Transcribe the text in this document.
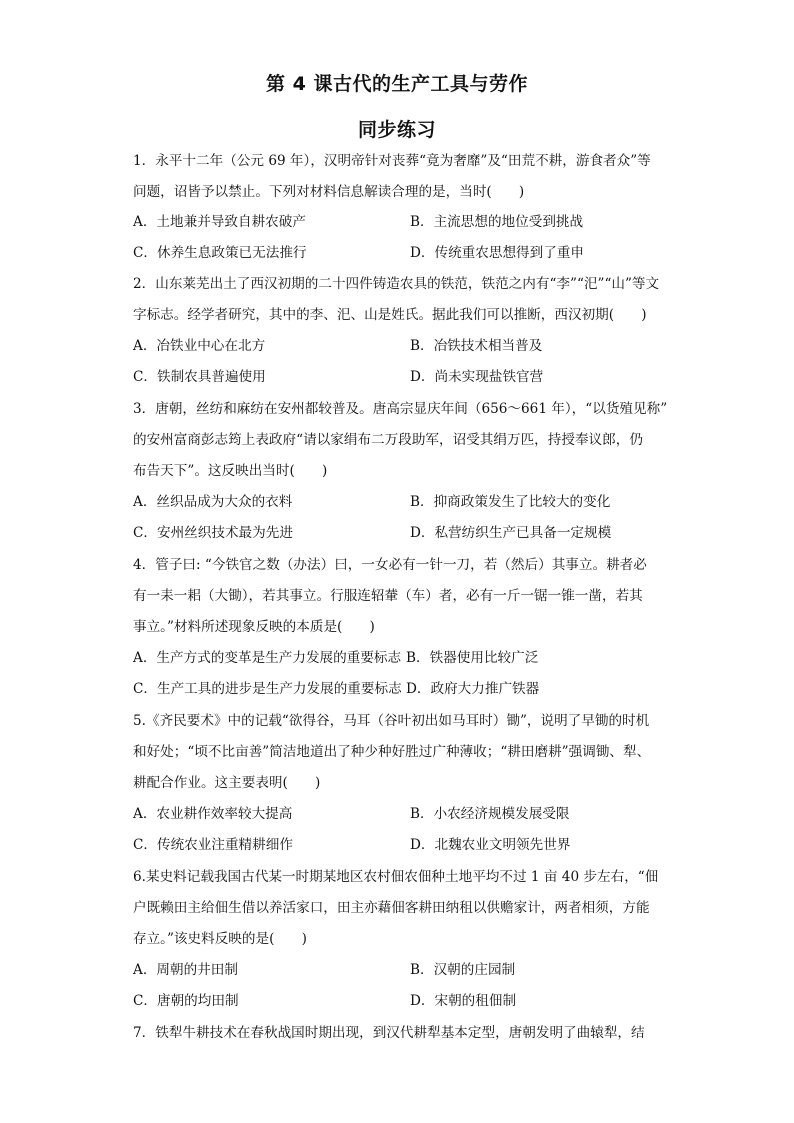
第 4 课古代的生产工具与劳作
同步练习
1．永平十二年（公元 69 年），汉明帝针对丧葬“竟为奢靡”及“田荒不耕，游食者众”等
问题，诏皆予以禁止。下列对材料信息解读合理的是，当时(　　)
A．土地兼并导致自耕农破产	B．主流思想的地位受到挑战
C．休养生息政策已无法推行	D．传统重农思想得到了重申
2．山东莱芜出土了西汉初期的二十四件铸造农具的铁范，铁范之内有“李”“汜”“山”等文
字标志。经学者研究，其中的李、汜、山是姓氏。据此我们可以推断，西汉初期(　　)
A．冶铁业中心在北方	B．冶铁技术相当普及
C．铁制农具普遍使用	D．尚未实现盐铁官营
3．唐朝，丝纺和麻纺在安州都较普及。唐高宗显庆年间（656～661 年），“以货殖见称”
的安州富商彭志筠上表政府“请以家绢布二万段助军，诏受其绢万匹，持授奉议郎，仍
布告天下”。这反映出当时(　　)
A．丝织品成为大众的衣料	B．抑商政策发生了比较大的变化
C．安州丝织技术最为先进	D．私营纺织生产已具备一定规模
4．管子曰: “今铁官之数（办法）曰，一女必有一针一刀，若（然后）其事立。耕者必
有一耒一耜（大锄），若其事立。行服连轺輂（车）者，必有一斤一锯一锥一凿，若其
事立。”材料所述现象反映的本质是(　　)
A．生产方式的变革是生产力发展的重要标志 B．铁器使用比较广泛
C．生产工具的进步是生产力发展的重要标志 D．政府大力推广铁器
5.《齐民要术》中的记载“欲得谷，马耳（谷叶初出如马耳时）锄”，说明了早锄的时机
和好处；“顷不比亩善”简洁地道出了种少种好胜过广种薄收；“耕田磨耕”强调锄、犁、
耕配合作业。这主要表明(　　)
A．农业耕作效率较大提高	B．小农经济规模发展受限
C．传统农业注重精耕细作	D．北魏农业文明领先世界
6.某史料记载我国古代某一时期某地区农村佃农佃种土地平均不过 1 亩 40 步左右，“佃
户既赖田主给佃生借以养活家口，田主亦藉佃客耕田纳租以供赡家计，两者相须，方能
存立。”该史料反映的是(　　)
A．周朝的井田制	B．汉朝的庄园制
C．唐朝的均田制	D．宋朝的租佃制
7．铁犁牛耕技术在春秋战国时期出现，到汉代耕犁基本定型，唐朝发明了曲辕犁，结
